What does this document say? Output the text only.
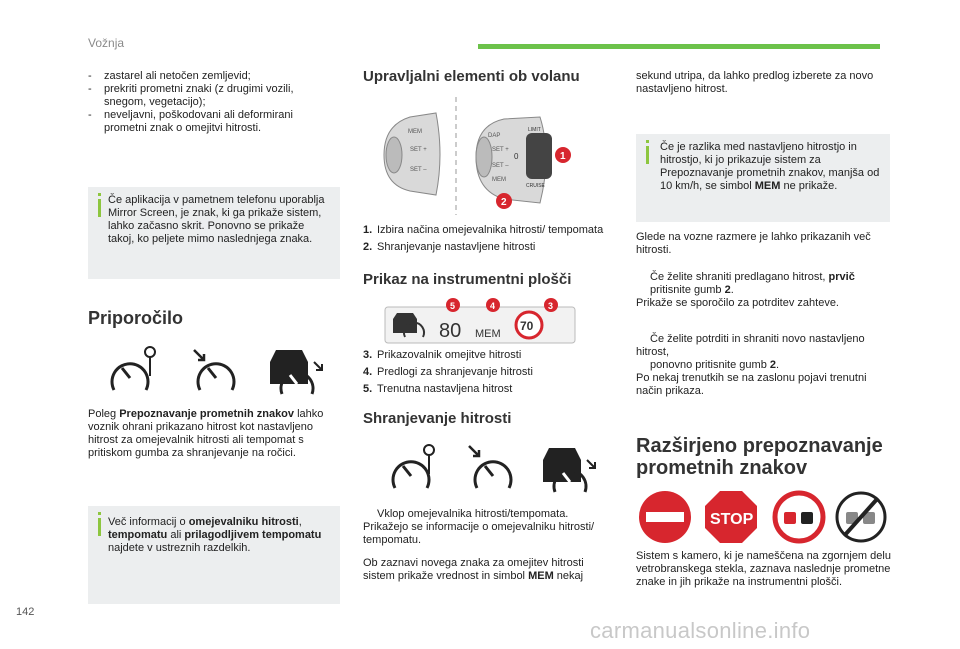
Vožnja
142
carmanualsonline.info
- zastarel ali netočen zemljevid;
- prekriti prometni znaki (z drugimi vozili, snegom, vegetacijo);
- neveljavni, poškodovani ali deformirani prometni znak o omejitvi hitrosti.
Če aplikacija v pametnem telefonu uporablja Mirror Screen, je znak, ki ga prikaže sistem, lahko začasno skrit. Ponovno se prikaže takoj, ko peljete mimo naslednjega znaka.
Priporočilo
Poleg Prepoznavanje prometnih znakov lahko voznik ohrani prikazano hitrost kot nastavljeno hitrost za omejevalnik hitrosti ali tempomat s pritiskom gumba za shranjevanje na ročici.
Več informacij o omejevalniku hitrosti, tempomatu ali prilagodljivem tempomatu najdete v ustreznih razdelkih.
Upravljalni elementi ob volanu
MEM
SET +
SET –
DAP
SET +
SET –
MEM
LIMIT
CRUISE
0	1
2
1. Izbira načina omejevalnika hitrosti/ tempomata
2. Shranjevanje nastavljene hitrosti
Prikaz na instrumentni plošči
80 MEM
70
5	4	3
3. Prikazovalnik omejitve hitrosti
4. Predlogi za shranjevanje hitrosti
5. Trenutna nastavljena hitrost
Shranjevanje hitrosti
Vklop omejevalnika hitrosti/tempomata.
Prikažejo se informacije o omejevalniku hitrosti/ tempomatu.
Ob zaznavi novega znaka za omejitev hitrosti sistem prikaže vrednost in simbol MEM nekaj
sekund utripa, da lahko predlog izberete za novo nastavljeno hitrost.
Če je razlika med nastavljeno hitrostjo in hitrostjo, ki jo prikazuje sistem za Prepoznavanje prometnih znakov, manjša od 10 km/h, se simbol MEM ne prikaže.
Glede na vozne razmere je lahko prikazanih več hitrosti.
Če želite shraniti predlagano hitrost, prvič
pritisnite gumb 2.
Prikaže se sporočilo za potrditev zahteve.
Če želite potrditi in shraniti novo nastavljeno hitrost,
ponovno pritisnite gumb 2.
Po nekaj trenutkih se na zaslonu pojavi trenutni način prikaza.
Razširjeno prepoznavanje prometnih znakov
STOP
Sistem s kamero, ki je nameščena na zgornjem delu vetrobranskega stekla, zaznava naslednje prometne znake in jih prikaže na instrumentni plošči.
